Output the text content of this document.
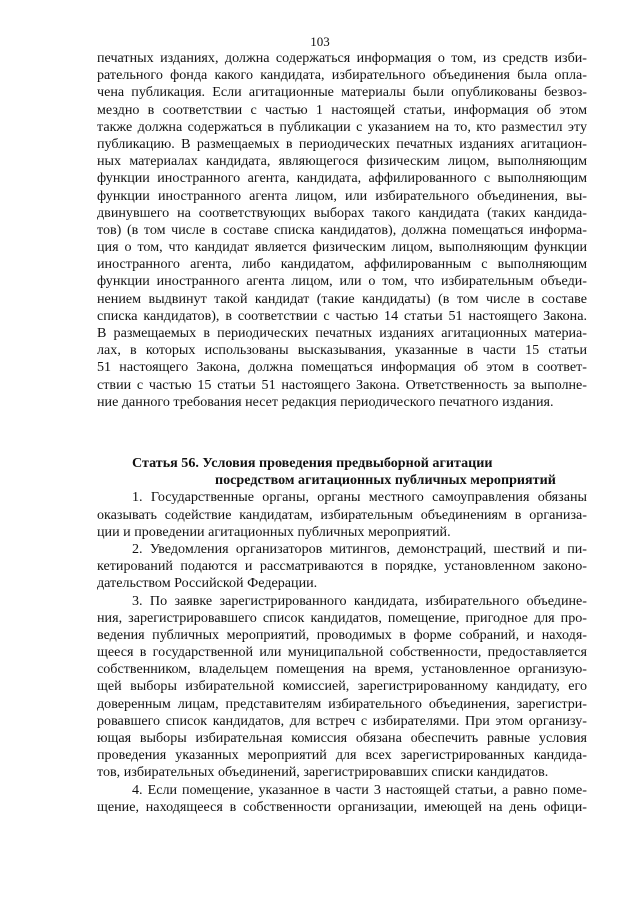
103
печатных изданиях, должна содержаться информация о том, из средств изби-
рательного фонда какого кандидата, избирательного объединения была опла-
чена публикация. Если агитационные материалы были опубликованы безвоз-
мездно в соответствии с частью 1 настоящей статьи, информация об этом
также должна содержаться в публикации с указанием на то, кто разместил эту
публикацию. В размещаемых в периодических печатных изданиях агитацион-
ных материалах кандидата, являющегося физическим лицом, выполняющим
функции иностранного агента, кандидата, аффилированного с выполняющим
функции иностранного агента лицом, или избирательного объединения, вы-
двинувшего на соответствующих выборах такого кандидата (таких кандида-
тов) (в том числе в составе списка кандидатов), должна помещаться информа-
ция о том, что кандидат является физическим лицом, выполняющим функции
иностранного агента, либо кандидатом, аффилированным с выполняющим
функции иностранного агента лицом, или о том, что избирательным объеди-
нением выдвинут такой кандидат (такие кандидаты) (в том числе в составе
списка кандидатов), в соответствии с частью 14 статьи 51 настоящего Закона.
В размещаемых в периодических печатных изданиях агитационных материа-
лах, в которых использованы высказывания, указанные в части 15 статьи
51 настоящего Закона, должна помещаться информация об этом в соответ-
ствии с частью 15 статьи 51 настоящего Закона. Ответственность за выполне-
ние данного требования несет редакция периодического печатного издания.
Статья 56. Условия проведения предвыборной агитации
посредством агитационных публичных мероприятий
1. Государственные органы, органы местного самоуправления обязаны
оказывать содействие кандидатам, избирательным объединениям в организа-
ции и проведении агитационных публичных мероприятий.
2. Уведомления организаторов митингов, демонстраций, шествий и пи-
кетирований подаются и рассматриваются в порядке, установленном законо-
дательством Российской Федерации.
3. По заявке зарегистрированного кандидата, избирательного объедине-
ния, зарегистрировавшего список кандидатов, помещение, пригодное для про-
ведения публичных мероприятий, проводимых в форме собраний, и находя-
щееся в государственной или муниципальной собственности, предоставляется
собственником, владельцем помещения на время, установленное организую-
щей выборы избирательной комиссией, зарегистрированному кандидату, его
доверенным лицам, представителям избирательного объединения, зарегистри-
ровавшего список кандидатов, для встреч с избирателями. При этом организу-
ющая выборы избирательная комиссия обязана обеспечить равные условия
проведения указанных мероприятий для всех зарегистрированных кандида-
тов, избирательных объединений, зарегистрировавших списки кандидатов.
4. Если помещение, указанное в части 3 настоящей статьи, а равно поме-
щение, находящееся в собственности организации, имеющей на день офици-
